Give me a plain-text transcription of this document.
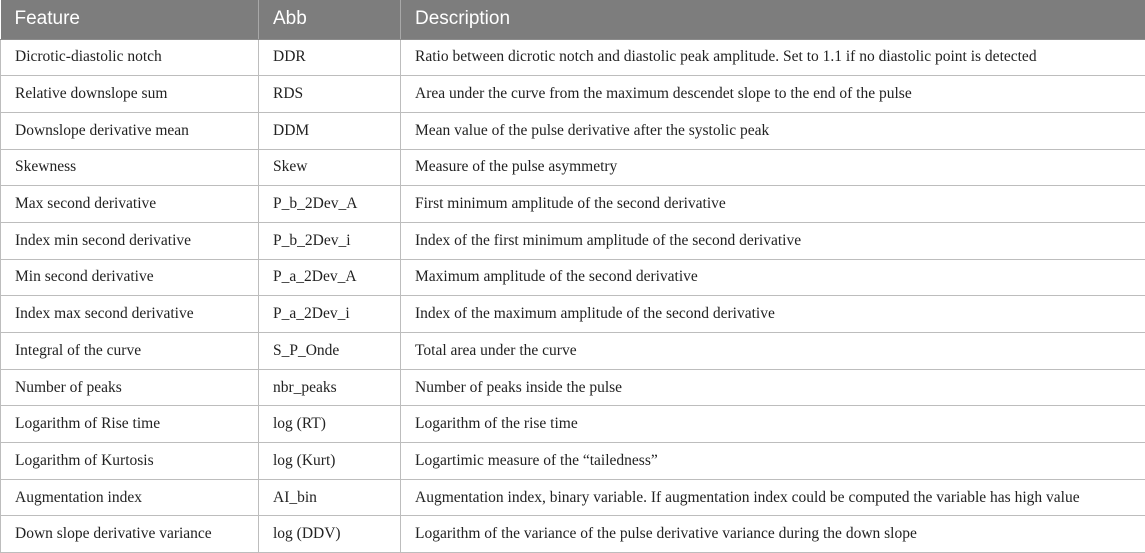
Feature	Abb	Description
Dicrotic-diastolic notch	DDR	Ratio between dicrotic notch and diastolic peak amplitude. Set to 1.1 if no diastolic point is detected
Relative downslope sum	RDS	Area under the curve from the maximum descendet slope to the end of the pulse
Downslope derivative mean	DDM	Mean value of the pulse derivative after the systolic peak
Skewness	Skew	Measure of the pulse asymmetry
Max second derivative	P_b_2Dev_A	First minimum amplitude of the second derivative
Index min second derivative	P_b_2Dev_i	Index of the first minimum amplitude of the second derivative
Min second derivative	P_a_2Dev_A	Maximum amplitude of the second derivative
Index max second derivative	P_a_2Dev_i	Index of the maximum amplitude of the second derivative
Integral of the curve	S_P_Onde	Total area under the curve
Number of peaks	nbr_peaks	Number of peaks inside the pulse
Logarithm of Rise time	log (RT)	Logarithm of the rise time
Logarithm of Kurtosis	log (Kurt)	Logartimic measure of the “tailedness”
Augmentation index	AI_bin	Augmentation index, binary variable. If augmentation index could be computed the variable has high value
Down slope derivative variance	log (DDV)	Logarithm of the variance of the pulse derivative variance during the down slope
